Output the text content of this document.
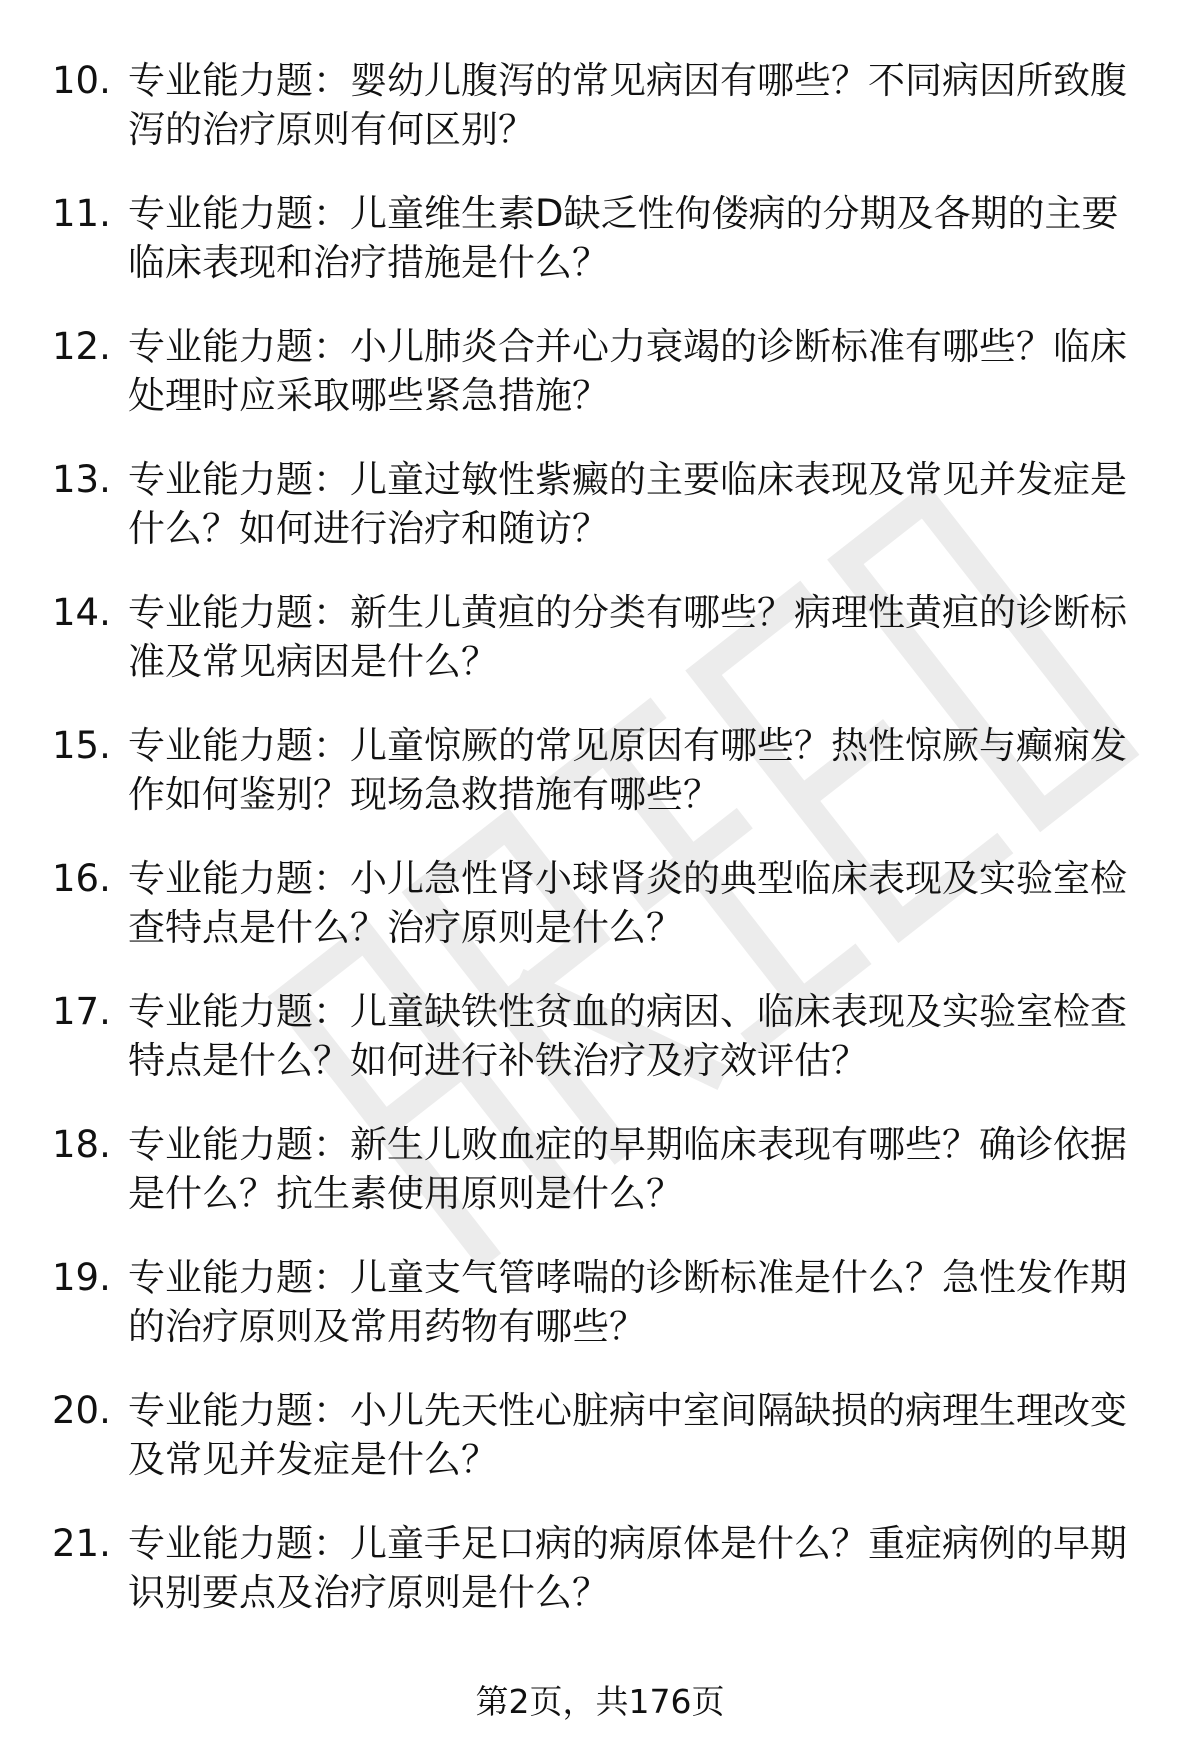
10. 专业能力题：婴幼儿腹泻的常见病因有哪些？不同病因所致腹泻的治疗原则有何区别？
11. 专业能力题：儿童维生素D缺乏性佝偻病的分期及各期的主要临床表现和治疗措施是什么？
12. 专业能力题：小儿肺炎合并心力衰竭的诊断标准有哪些？临床处理时应采取哪些紧急措施？
13. 专业能力题：儿童过敏性紫癜的主要临床表现及常见并发症是什么？如何进行治疗和随访？
14. 专业能力题：新生儿黄疸的分类有哪些？病理性黄疸的诊断标准及常见病因是什么？
15. 专业能力题：儿童惊厥的常见原因有哪些？热性惊厥与癫痫发作如何鉴别？现场急救措施有哪些？
16. 专业能力题：小儿急性肾小球肾炎的典型临床表现及实验室检查特点是什么？治疗原则是什么？
17. 专业能力题：儿童缺铁性贫血的病因、临床表现及实验室检查特点是什么？如何进行补铁治疗及疗效评估？
18. 专业能力题：新生儿败血症的早期临床表现有哪些？确诊依据是什么？抗生素使用原则是什么？
19. 专业能力题：儿童支气管哮喘的诊断标准是什么？急性发作期的治疗原则及常用药物有哪些？
20. 专业能力题：小儿先天性心脏病中室间隔缺损的病理生理改变及常见并发症是什么？
21. 专业能力题：儿童手足口病的病原体是什么？重症病例的早期识别要点及治疗原则是什么？
第2页，共176页
